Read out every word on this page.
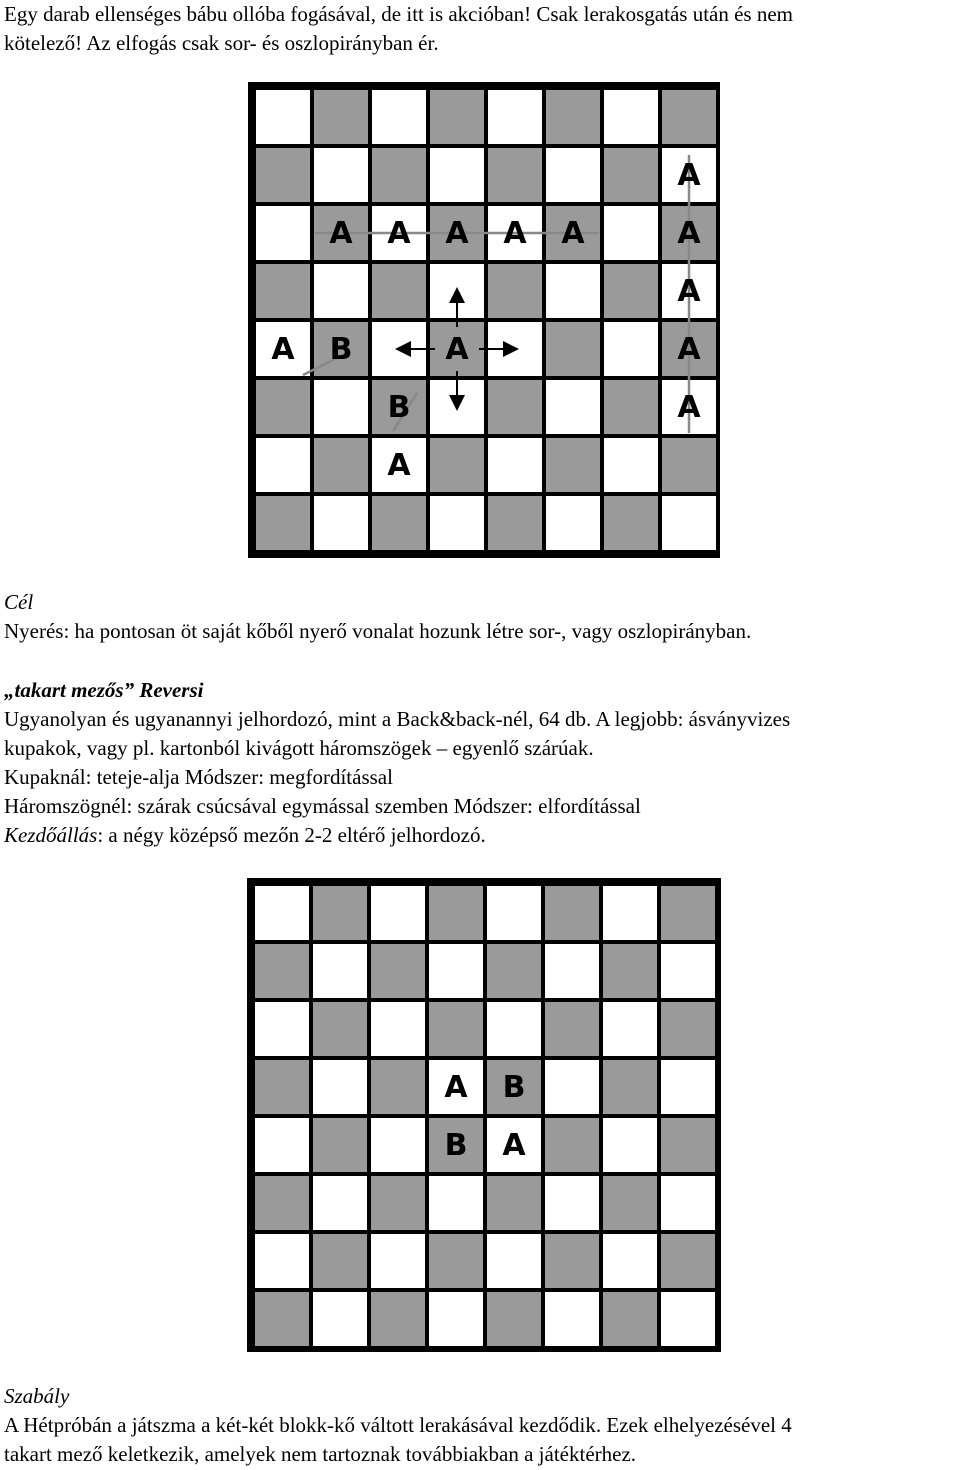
Egy darab ellenséges bábu ollóba fogásával, de itt is akcióban! Csak lerakosgatás után és nem
kötelező! Az elfogás csak sor- és oszlopirányban ér.
A
A	A	A	A	A	A
A
A	B	A	A
B	A
A
Cél
Nyerés: ha pontosan öt saját kőből nyerő vonalat hozunk létre sor-, vagy oszlopirányban.
„takart mezős” Reversi
Ugyanolyan és ugyanannyi jelhordozó, mint a Back&back-nél, 64 db. A legjobb: ásványvizes
kupakok, vagy pl. kartonból kivágott háromszögek – egyenlő szárúak.
Kupaknál: teteje-alja Módszer: megfordítással
Háromszögnél: szárak csúcsával egymással szemben Módszer: elfordítással
Kezdőállás: a négy középső mezőn 2-2 eltérő jelhordozó.
A	B
B	A
Szabály
A Hétpróbán a játszma a két-két blokk-kő váltott lerakásával kezdődik. Ezek elhelyezésével 4
takart mező keletkezik, amelyek nem tartoznak továbbiakban a játéktérhez.
